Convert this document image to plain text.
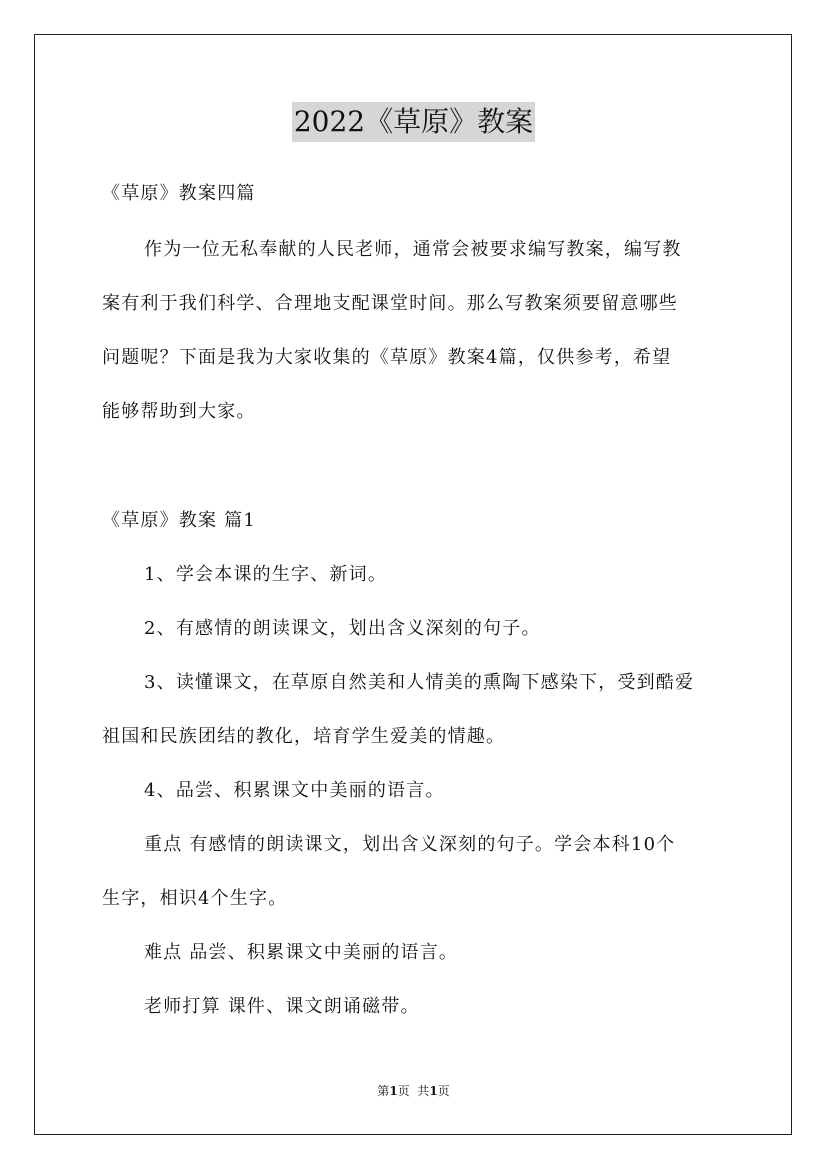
2022《草原》教案
《草原》教案四篇
作为一位无私奉献的人民老师，通常会被要求编写教案，编写教
案有利于我们科学、合理地支配课堂时间。那么写教案须要留意哪些
问题呢？下面是我为大家收集的《草原》教案4篇，仅供参考，希望
能够帮助到大家。
《草原》教案 篇1
1、学会本课的生字、新词。
2、有感情的朗读课文，划出含义深刻的句子。
3、读懂课文，在草原自然美和人情美的熏陶下感染下，受到酷爱
祖国和民族团结的教化，培育学生爱美的情趣。
4、品尝、积累课文中美丽的语言。
重点 有感情的朗读课文，划出含义深刻的句子。学会本科10个
生字，相识4个生字。
难点 品尝、积累课文中美丽的语言。
老师打算 课件、课文朗诵磁带。
第1页  共1页
